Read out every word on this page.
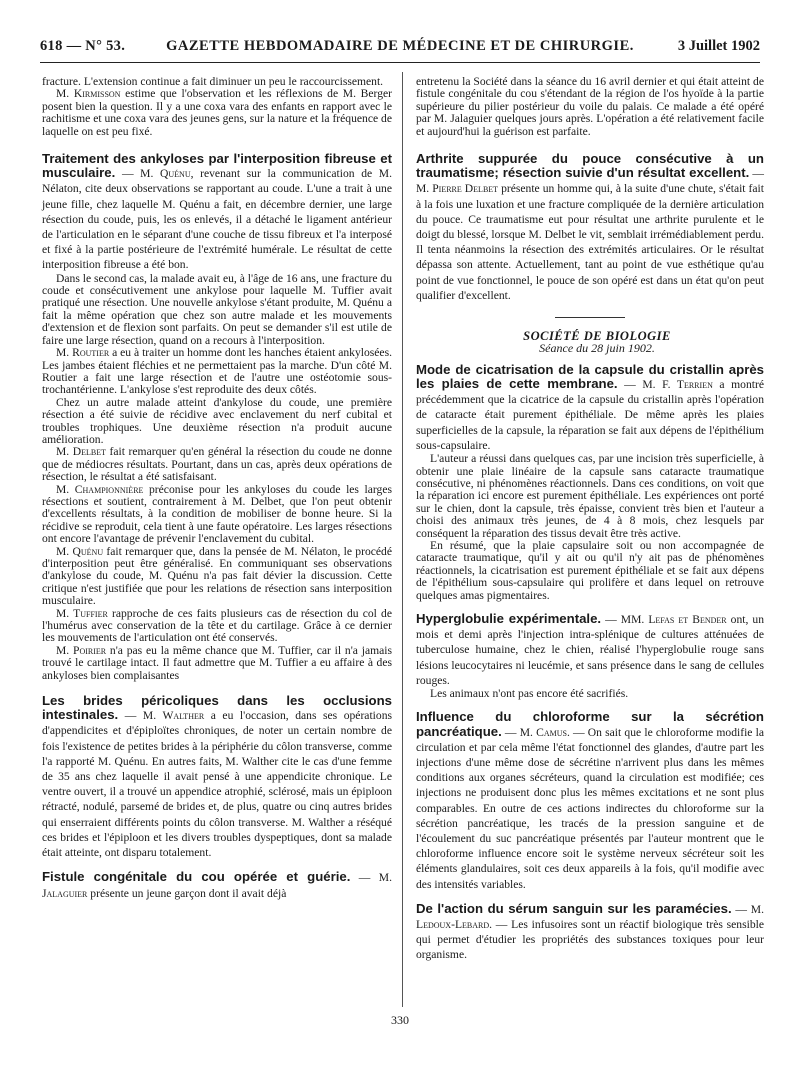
618 — N° 53.	GAZETTE HEBDOMADAIRE DE MÉDECINE ET DE CHIRURGIE.	3 Juillet 1902

fracture. L'extension continue a fait diminuer un peu le raccourcissement.

M. Kirmisson estime que l'observation et les réflexions de M. Berger posent bien la question. Il y a une coxa vara des enfants en rapport avec le rachitisme et une coxa vara des jeunes gens, sur la nature et la fréquence de laquelle on est peu fixé.

Traitement des ankyloses par l'interposition fibreuse et musculaire. — M. Quénu, revenant sur la communication de M. Nélaton, cite deux observations se rapportant au coude. L'une a trait à une jeune fille, chez laquelle M. Quénu a fait, en décembre dernier, une large résection du coude, puis, les os enlevés, il a détaché le ligament antérieur de l'articulation en le séparant d'une couche de tissu fibreux et l'a interposé et fixé à la partie postérieure de l'extrémité humérale. Le résultat de cette interposition fibreuse a été bon.

Dans le second cas, la malade avait eu, à l'âge de 16 ans, une fracture du coude et consécutivement une ankylose pour laquelle M. Tuffier avait pratiqué une résection. Une nouvelle ankylose s'étant produite, M. Quénu a fait la même opération que chez son autre malade et les mouvements d'extension et de flexion sont parfaits. On peut se demander s'il est utile de faire une large résection, quand on a recours à l'interposition.

M. Routier a eu à traiter un homme dont les hanches étaient ankylosées. Les jambes étaient fléchies et ne permettaient pas la marche. D'un côté M. Routier a fait une large résection et de l'autre une ostéotomie sous-trochantérienne. L'ankylose s'est reproduite des deux côtés.

Chez un autre malade atteint d'ankylose du coude, une première résection a été suivie de récidive avec enclavement du nerf cubital et troubles trophiques. Une deuxième résection n'a produit aucune amélioration.

M. Delbet fait remarquer qu'en général la résection du coude ne donne que de médiocres résultats. Pourtant, dans un cas, après deux opérations de résection, le résultat a été satisfaisant.

M. Championnière préconise pour les ankyloses du coude les larges résections et soutient, contrairement à M. Delbet, que l'on peut obtenir d'excellents résultats, à la condition de mobiliser de bonne heure. Si la récidive se reproduit, cela tient à une faute opératoire. Les larges résections ont encore l'avantage de prévenir l'enclavement du cubital.

M. Quénu fait remarquer que, dans la pensée de M. Nélaton, le procédé d'interposition peut être généralisé. En communiquant ses observations d'ankylose du coude, M. Quénu n'a pas fait dévier la discussion. Cette critique n'est justifiée que pour les relations de résection sans interposition musculaire.

M. Tuffier rapproche de ces faits plusieurs cas de résection du col de l'humérus avec conservation de la tête et du cartilage. Grâce à ce dernier les mouvements de l'articulation ont été conservés.

M. Poirier n'a pas eu la même chance que M. Tuffier, car il n'a jamais trouvé le cartilage intact. Il faut admettre que M. Tuffier a eu affaire à des ankyloses bien complaisantes

Les brides péricoliques dans les occlusions intestinales. — M. Walther a eu l'occasion, dans ses opérations d'appendicites et d'épiploïtes chroniques, de noter un certain nombre de fois l'existence de petites brides à la périphérie du côlon transverse, comme l'a rapporté M. Quénu. En autres faits, M. Walther cite le cas d'une femme de 35 ans chez laquelle il avait pensé à une appendicite chronique. Le ventre ouvert, il a trouvé un appendice atrophié, sclérosé, mais un épiploon rétracté, nodulé, parsemé de brides et, de plus, quatre ou cinq autres brides qui enserraient différents points du côlon transverse. M. Walther a réséqué ces brides et l'épiploon et les divers troubles dyspeptiques, dont sa malade était atteinte, ont disparu totalement.
Fistule congénitale du cou opérée et guérie. — M. Jalaguier présente un jeune garçon dont il avait déjà

entretenu la Société dans la séance du 16 avril dernier et qui était atteint de fistule congénitale du cou s'étendant de la région de l'os hyoïde à la partie supérieure du pilier postérieur du voile du palais. Ce malade a été opéré par M. Jalaguier quelques jours après. L'opération a été relativement facile et aujourd'hui la guérison est parfaite.

Arthrite suppurée du pouce consécutive à un traumatisme; résection suivie d'un résultat excellent. — M. Pierre Delbet présente un homme qui, à la suite d'une chute, s'était fait à la fois une luxation et une fracture compliquée de la dernière articulation du pouce. Ce traumatisme eut pour résultat une arthrite purulente et le doigt du blessé, lorsque M. Delbet le vit, semblait irrémédiablement perdu. Il tenta néanmoins la résection des extrémités articulaires. Or le résultat dépassa son attente. Actuellement, tant au point de vue esthétique qu'au point de vue fonctionnel, le pouce de son opéré est dans un état qu'on peut qualifier d'excellent.

SOCIÉTÉ DE BIOLOGIE

Séance du 28 juin 1902.

Mode de cicatrisation de la capsule du cristallin après les plaies de cette membrane. — M. F. Terrien a montré précédemment que la cicatrice de la capsule du cristallin après l'opération de cataracte était purement épithéliale. De même après les plaies superficielles de la capsule, la réparation se fait aux dépens de l'épithélium sous-capsulaire.

L'auteur a réussi dans quelques cas, par une incision très superficielle, à obtenir une plaie linéaire de la capsule sans cataracte traumatique consécutive, ni phénomènes réactionnels. Dans ces conditions, on voit que la réparation ici encore est purement épithéliale. Les expériences ont porté sur le chien, dont la capsule, très épaisse, convient très bien et l'auteur a choisi des animaux très jeunes, de 4 à 8 mois, chez lesquels par conséquent la réparation des tissus devait être très active.

En résumé, que la plaie capsulaire soit ou non accompagnée de cataracte traumatique, qu'il y ait ou qu'il n'y ait pas de phénomènes réactionnels, la cicatrisation est purement épithéliale et se fait aux dépens de l'épithélium sous-capsulaire qui prolifère et dans lequel on retrouve quelques amas pigmentaires.

Hyperglobulie expérimentale. — MM. Lefas et Bender ont, un mois et demi après l'injection intra-splénique de cultures atténuées de tuberculose humaine, chez le chien, réalisé l'hyperglobulie rouge sans lésions leucocytaires ni leucémie, et sans présence dans le sang de cellules rouges.

Les animaux n'ont pas encore été sacrifiés.

Influence du chloroforme sur la sécrétion pancréatique. — M. Camus. — On sait que le chloroforme modifie la circulation et par cela même l'état fonctionnel des glandes, d'autre part les injections d'une même dose de sécrétine n'arrivent plus dans les mêmes conditions aux organes sécréteurs, quand la circulation est modifiée; ces injections ne produisent donc plus les mêmes excitations et ne sont plus comparables. En outre de ces actions indirectes du chloroforme sur la sécrétion pancréatique, les tracés de la pression sanguine et de l'écoulement du suc pancréatique présentés par l'auteur montrent que le chloroforme influence encore soit le système nerveux sécréteur soit les éléments glandulaires, soit ces deux appareils à la fois, qu'il modifie avec des intensités variables.
De l'action du sérum sanguin sur les paramécies. — M. Ledoux-Lebard. — Les infusoires sont un réactif biologique très sensible qui permet d'étudier les propriétés des substances toxiques pour leur organisme.
330
